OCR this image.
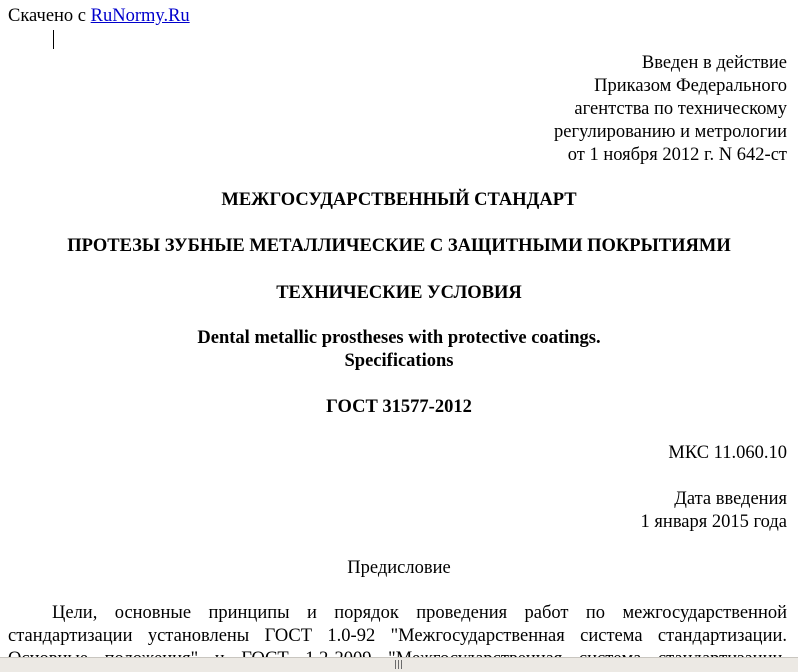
Скачено с RuNormy.Ru
Введен в действие
Приказом Федерального
агентства по техническому
регулированию и метрологии
от 1 ноября 2012 г. N 642-ст
МЕЖГОСУДАРСТВЕННЫЙ СТАНДАРТ
ПРОТЕЗЫ ЗУБНЫЕ МЕТАЛЛИЧЕСКИЕ С ЗАЩИТНЫМИ ПОКРЫТИЯМИ
ТЕХНИЧЕСКИЕ УСЛОВИЯ
Dental metallic prostheses with protective coatings.
Specifications
ГОСТ 31577-2012
МКС 11.060.10
Дата введения
1 января 2015 года
Предисловие
Цели, основные принципы и порядок проведения работ по межгосударственной
стандартизации установлены ГОСТ 1.0-92 "Межгосударственная система стандартизации.
